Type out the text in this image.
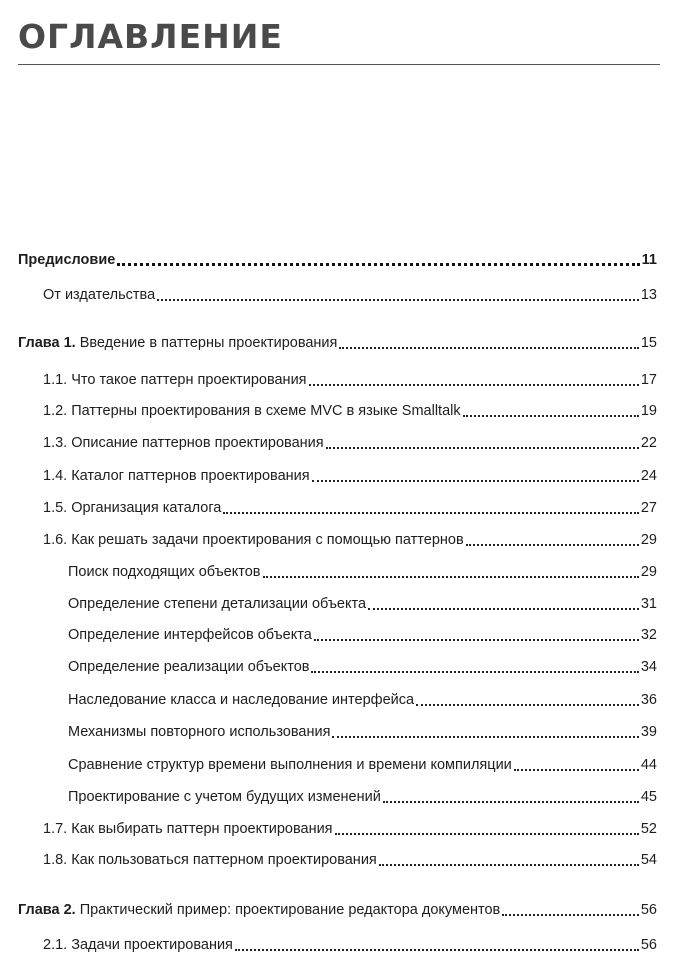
ОГЛАВЛЕНИЕ
Предисловие	11
От издательства	13
Глава 1. Введение в паттерны проектирования	15
1.1. Что такое паттерн проектирования	17
1.2. Паттерны проектирования в схеме MVC в языке Smalltalk	19
1.3. Описание паттернов проектирования	22
1.4. Каталог паттернов проектирования	24
1.5. Организация каталога	27
1.6. Как решать задачи проектирования с помощью паттернов	29
Поиск подходящих объектов	29
Определение степени детализации объекта	31
Определение интерфейсов объекта	32
Определение реализации объектов	34
Наследование класса и наследование интерфейса	36
Механизмы повторного использования	39
Сравнение структур времени выполнения и времени компиляции	44
Проектирование с учетом будущих изменений	45
1.7. Как выбирать паттерн проектирования	52
1.8. Как пользоваться паттерном проектирования	54
Глава 2. Практический пример: проектирование редактора документов	56
2.1. Задачи проектирования	56
